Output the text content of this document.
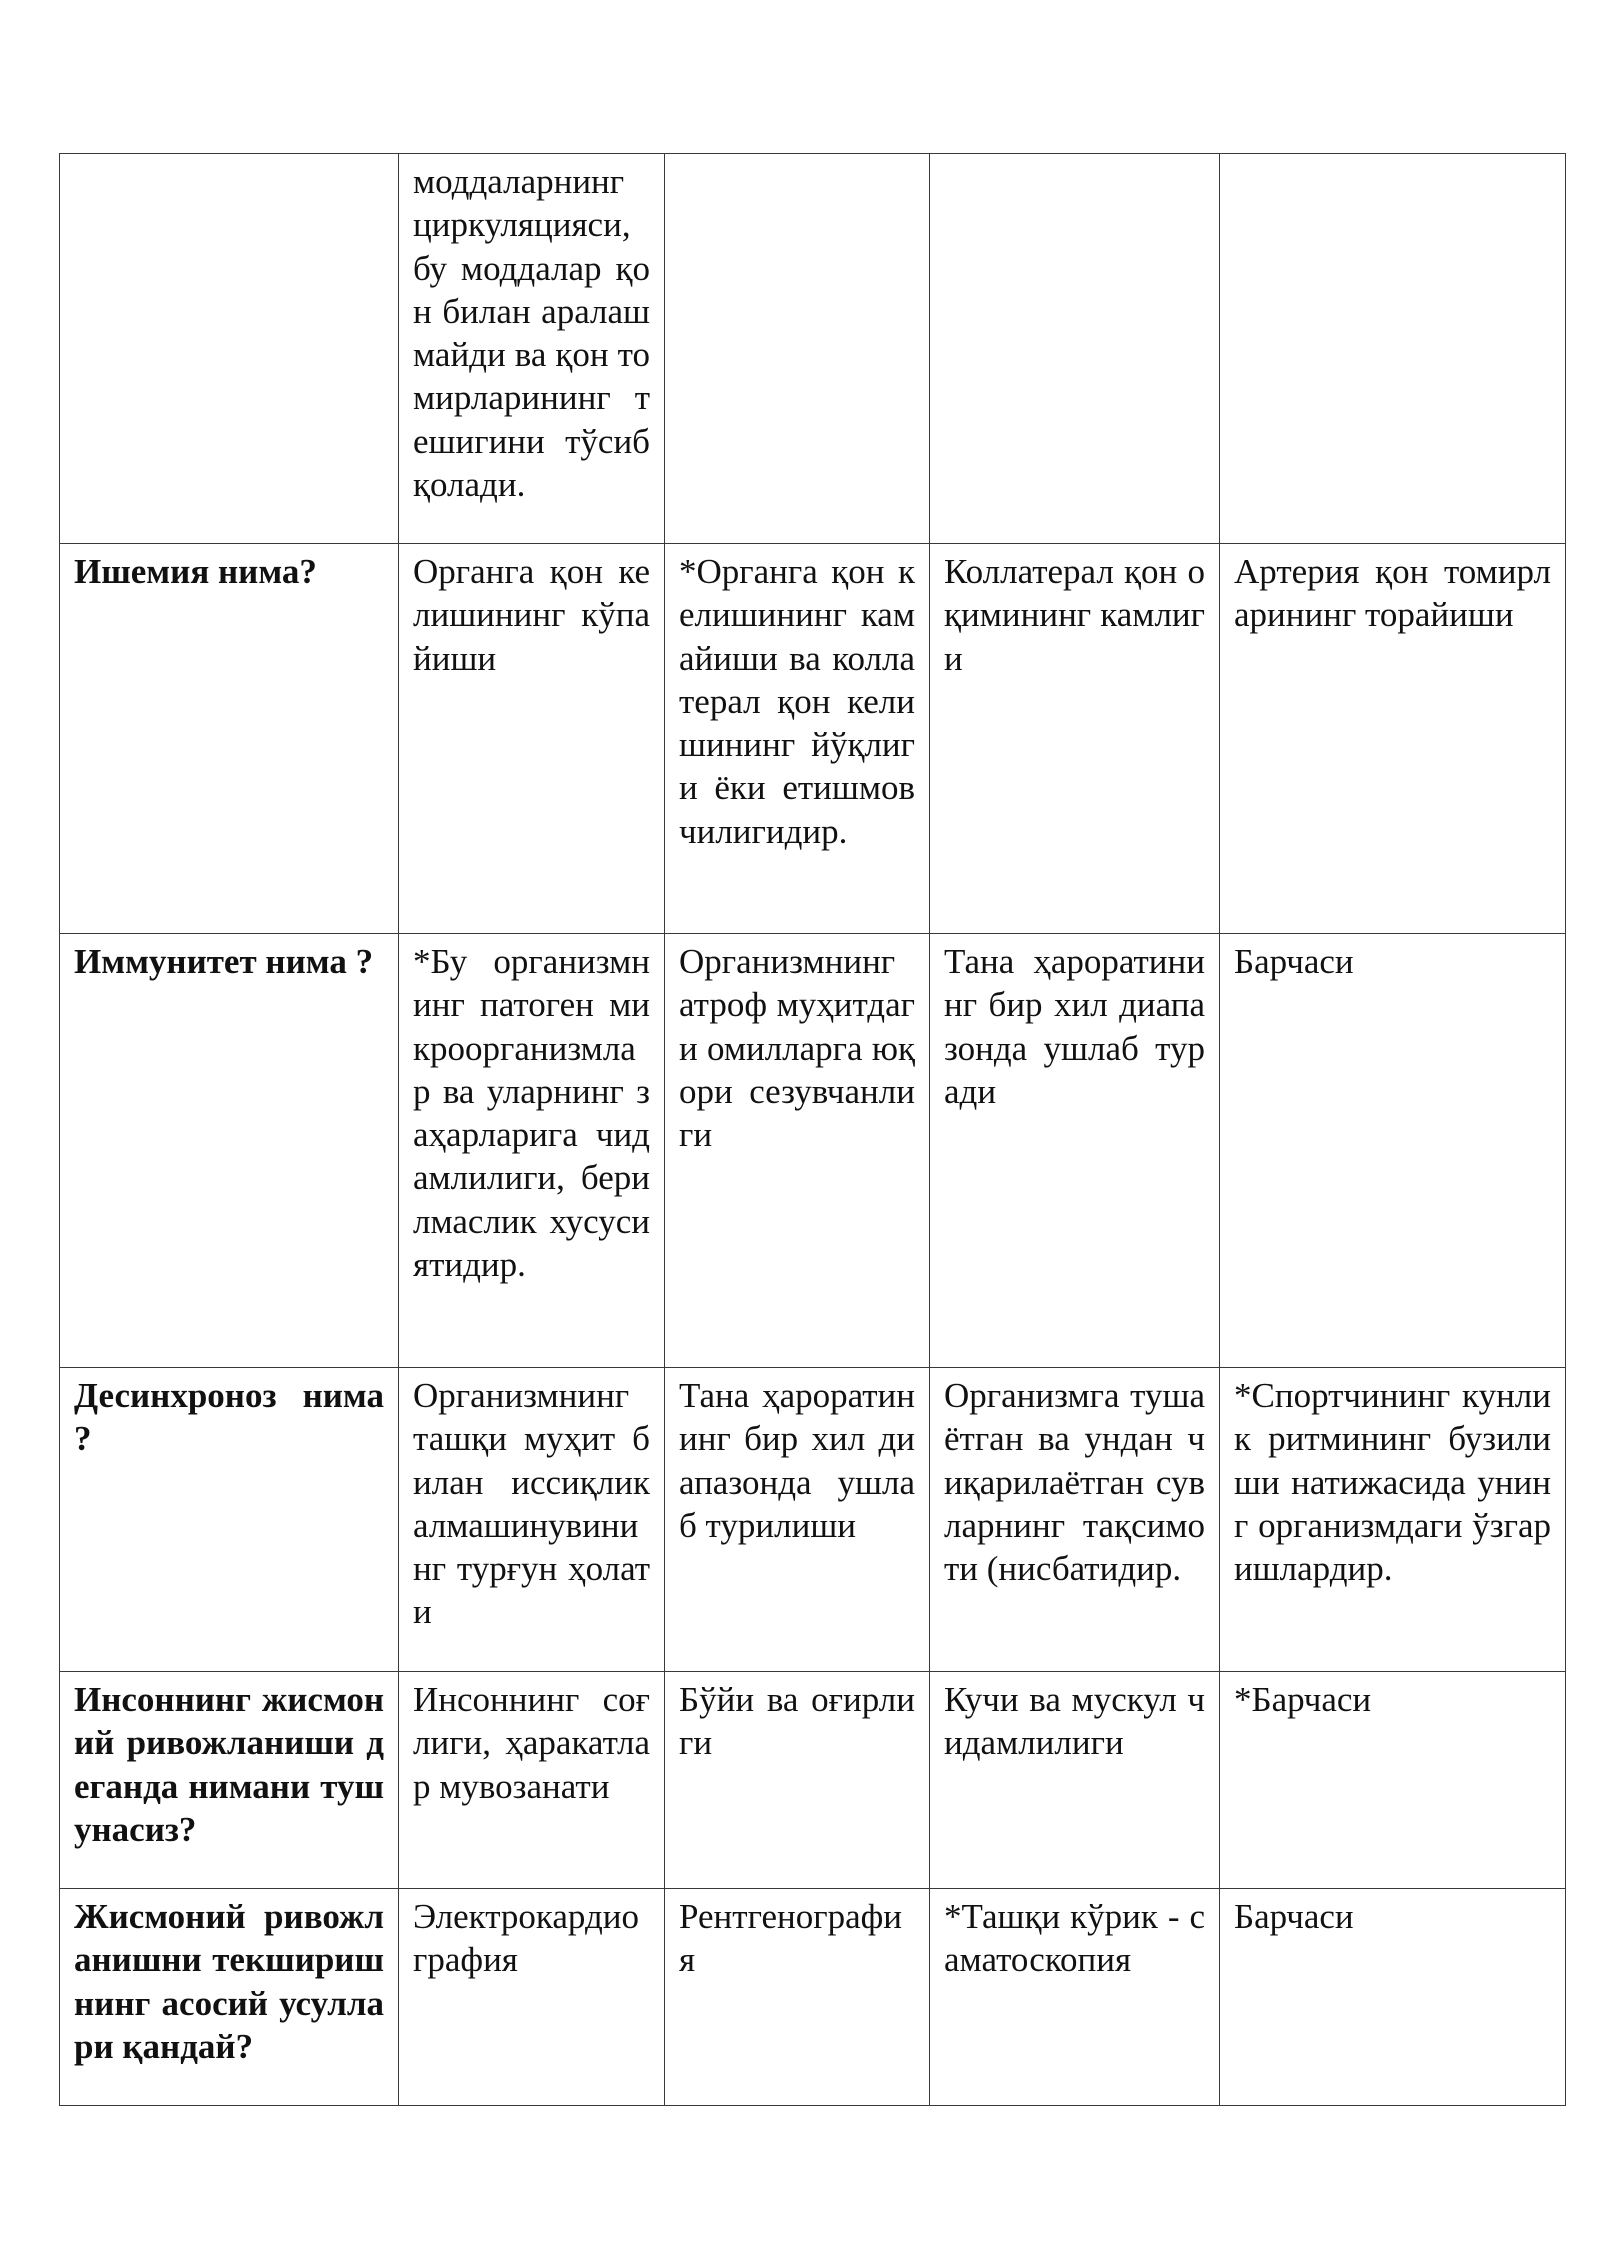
	моддаларнинг циркуляцияси, бу моддалар қон билан аралашмайди ва қон томирларининг тешигини тўсиб қолади.			

Ишемия нима?	Органга қон келишининг кўпайиши	*Органга қон келишининг камайиши ва коллатерал қон келишининг йўқлиги ёки етишмовчилигидир.	Коллатерал қон оқимининг камлиги	Артерия қон томирларининг торайиши

Иммунитет нима ?	*Бу организмнинг патоген микроорганизмлар ва уларнинг заҳарларига чидамлилиги, берилмаслик хусусиятидир.	Организмнинг атроф муҳитдаги омилларга юқори сезувчанлиги	Тана ҳароратининг бир хил диапазонда ушлаб туради	Барчаси

Десинхроноз нима ?	Организмнинг ташқи муҳит билан иссиқлик алмашинувининг турғун ҳолати	Тана ҳароратининг бир хил диапазонда ушлаб турилиши	Организмга тушаётган ва ундан чиқарилаётган сувларнинг тақсимоти (нисбатидир.	*Спортчининг кунлик ритмининг бузилиши натижасида унинг организмдаги ўзгаришлардир.

Инсоннинг жисмоний ривожланиши деганда нимани тушунасиз?	Инсоннинг соғлиги, ҳаракатлар мувозанати	Бўйи ва оғирлиги	Кучи ва мускул чидамлилиги	*Барчаси

Жисмоний ривожланишни текширишнинг асосий усуллари қандай?	Электрокардиография	Рентгенография	*Ташқи кўрик - саматоскопия	Барчаси
